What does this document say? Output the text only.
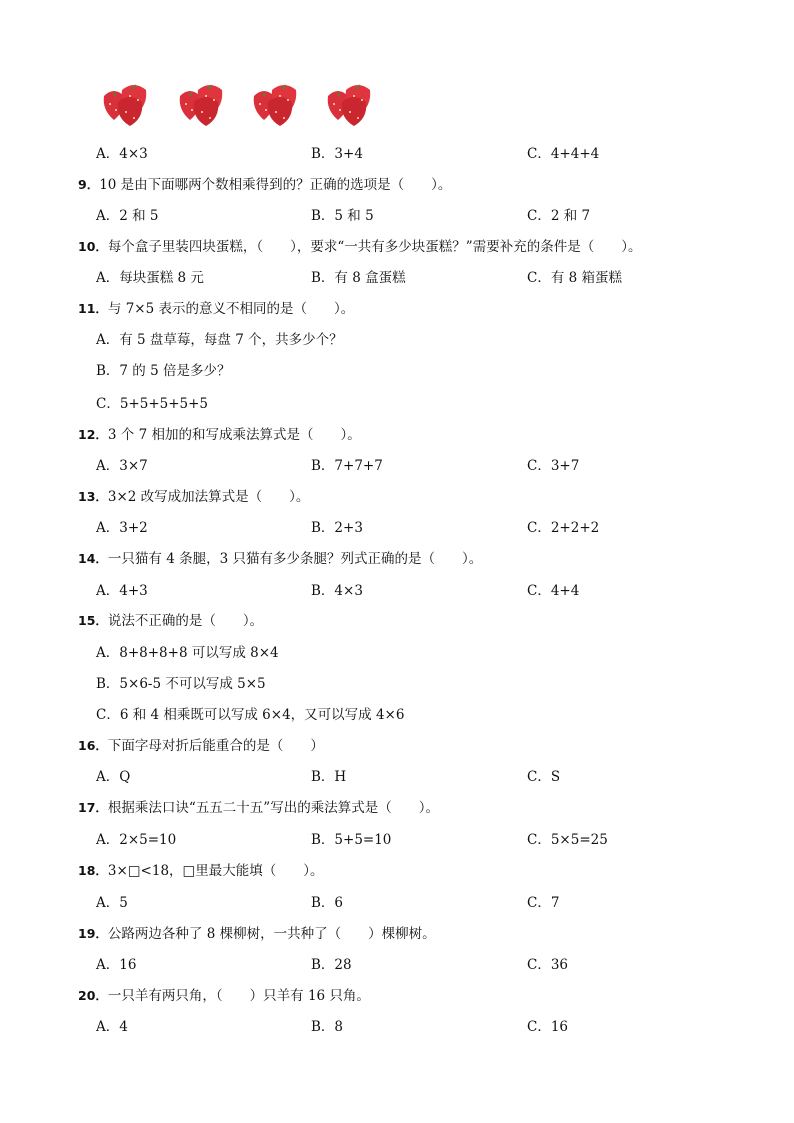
A．4×3	B．3+4	C．4+4+4
9．10 是由下面哪两个数相乘得到的？正确的选项是（　　）。
A．2 和 5	B．5 和 5	C．2 和 7
10．每个盒子里装四块蛋糕，（　　），要求“一共有多少块蛋糕？”需要补充的条件是（　　）。
A．每块蛋糕 8 元	B．有 8 盒蛋糕	C．有 8 箱蛋糕
11．与 7×5 表示的意义不相同的是（　　）。
A．有 5 盘草莓，每盘 7 个，共多少个？
B．7 的 5 倍是多少？
C．5+5+5+5+5
12．3 个 7 相加的和写成乘法算式是（　　）。
A．3×7	B．7+7+7	C．3+7
13．3×2 改写成加法算式是（　　）。
A．3+2	B．2+3	C．2+2+2
14．一只猫有 4 条腿，3 只猫有多少条腿？列式正确的是（　　）。
A．4+3	B．4×3	C．4+4
15．说法不正确的是（　　）。
A．8+8+8+8 可以写成 8×4
B．5×6-5 不可以写成 5×5
C．6 和 4 相乘既可以写成 6×4，又可以写成 4×6
16．下面字母对折后能重合的是（　　）
A．Q	B．H	C．S
17．根据乘法口诀“五五二十五”写出的乘法算式是（　　）。
A．2×5=10	B．5+5=10	C．5×5=25
18．3×□<18，□里最大能填（　　）。
A．5	B．6	C．7
19．公路两边各种了 8 棵柳树，一共种了（　　）棵柳树。
A．16	B．28	C．36
20．一只羊有两只角，（　　）只羊有 16 只角。
A．4	B．8	C．16
